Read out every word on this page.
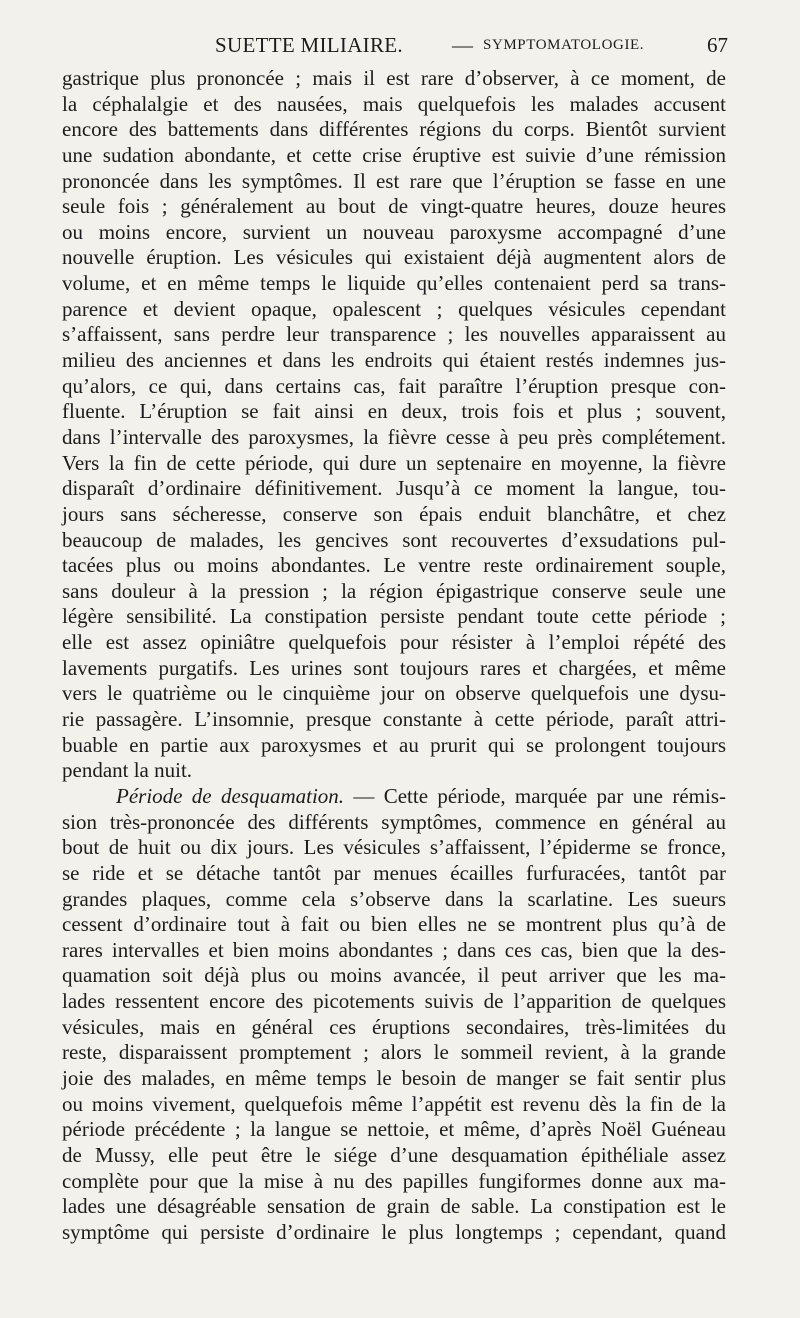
SUETTE MILIAIRE. — SYMPTOMATOLOGIE.	67
gastrique plus prononcée ; mais il est rare d’observer, à ce moment, de
la céphalalgie et des nausées, mais quelquefois les malades accusent
encore des battements dans différentes régions du corps. Bientôt survient
une sudation abondante, et cette crise éruptive est suivie d’une rémission
prononcée dans les symptômes. Il est rare que l’éruption se fasse en une
seule fois ; généralement au bout de vingt-quatre heures, douze heures
ou moins encore, survient un nouveau paroxysme accompagné d’une
nouvelle éruption. Les vésicules qui existaient déjà augmentent alors de
volume, et en même temps le liquide qu’elles contenaient perd sa trans-
parence et devient opaque, opalescent ; quelques vésicules cependant
s’affaissent, sans perdre leur transparence ; les nouvelles apparaissent au
milieu des anciennes et dans les endroits qui étaient restés indemnes jus-
qu’alors, ce qui, dans certains cas, fait paraître l’éruption presque con-
fluente. L’éruption se fait ainsi en deux, trois fois et plus ; souvent,
dans l’intervalle des paroxysmes, la fièvre cesse à peu près complétement.
Vers la fin de cette période, qui dure un septenaire en moyenne, la fièvre
disparaît d’ordinaire définitivement. Jusqu’à ce moment la langue, tou-
jours sans sécheresse, conserve son épais enduit blanchâtre, et chez
beaucoup de malades, les gencives sont recouvertes d’exsudations pul-
tacées plus ou moins abondantes. Le ventre reste ordinairement souple,
sans douleur à la pression ; la région épigastrique conserve seule une
légère sensibilité. La constipation persiste pendant toute cette période ;
elle est assez opiniâtre quelquefois pour résister à l’emploi répété des
lavements purgatifs. Les urines sont toujours rares et chargées, et même
vers le quatrième ou le cinquième jour on observe quelquefois une dysu-
rie passagère. L’insomnie, presque constante à cette période, paraît attri-
buable en partie aux paroxysmes et au prurit qui se prolongent toujours
pendant la nuit.
Période de desquamation. — Cette période, marquée par une rémis-
sion très-prononcée des différents symptômes, commence en général au
bout de huit ou dix jours. Les vésicules s’affaissent, l’épiderme se fronce,
se ride et se détache tantôt par menues écailles furfuracées, tantôt par
grandes plaques, comme cela s’observe dans la scarlatine. Les sueurs
cessent d’ordinaire tout à fait ou bien elles ne se montrent plus qu’à de
rares intervalles et bien moins abondantes ; dans ces cas, bien que la des-
quamation soit déjà plus ou moins avancée, il peut arriver que les ma-
lades ressentent encore des picotements suivis de l’apparition de quelques
vésicules, mais en général ces éruptions secondaires, très-limitées du
reste, disparaissent promptement ; alors le sommeil revient, à la grande
joie des malades, en même temps le besoin de manger se fait sentir plus
ou moins vivement, quelquefois même l’appétit est revenu dès la fin de la
période précédente ; la langue se nettoie, et même, d’après Noël Guéneau
de Mussy, elle peut être le siége d’une desquamation épithéliale assez
complète pour que la mise à nu des papilles fungiformes donne aux ma-
lades une désagréable sensation de grain de sable. La constipation est le
symptôme qui persiste d’ordinaire le plus longtemps ; cependant, quand
